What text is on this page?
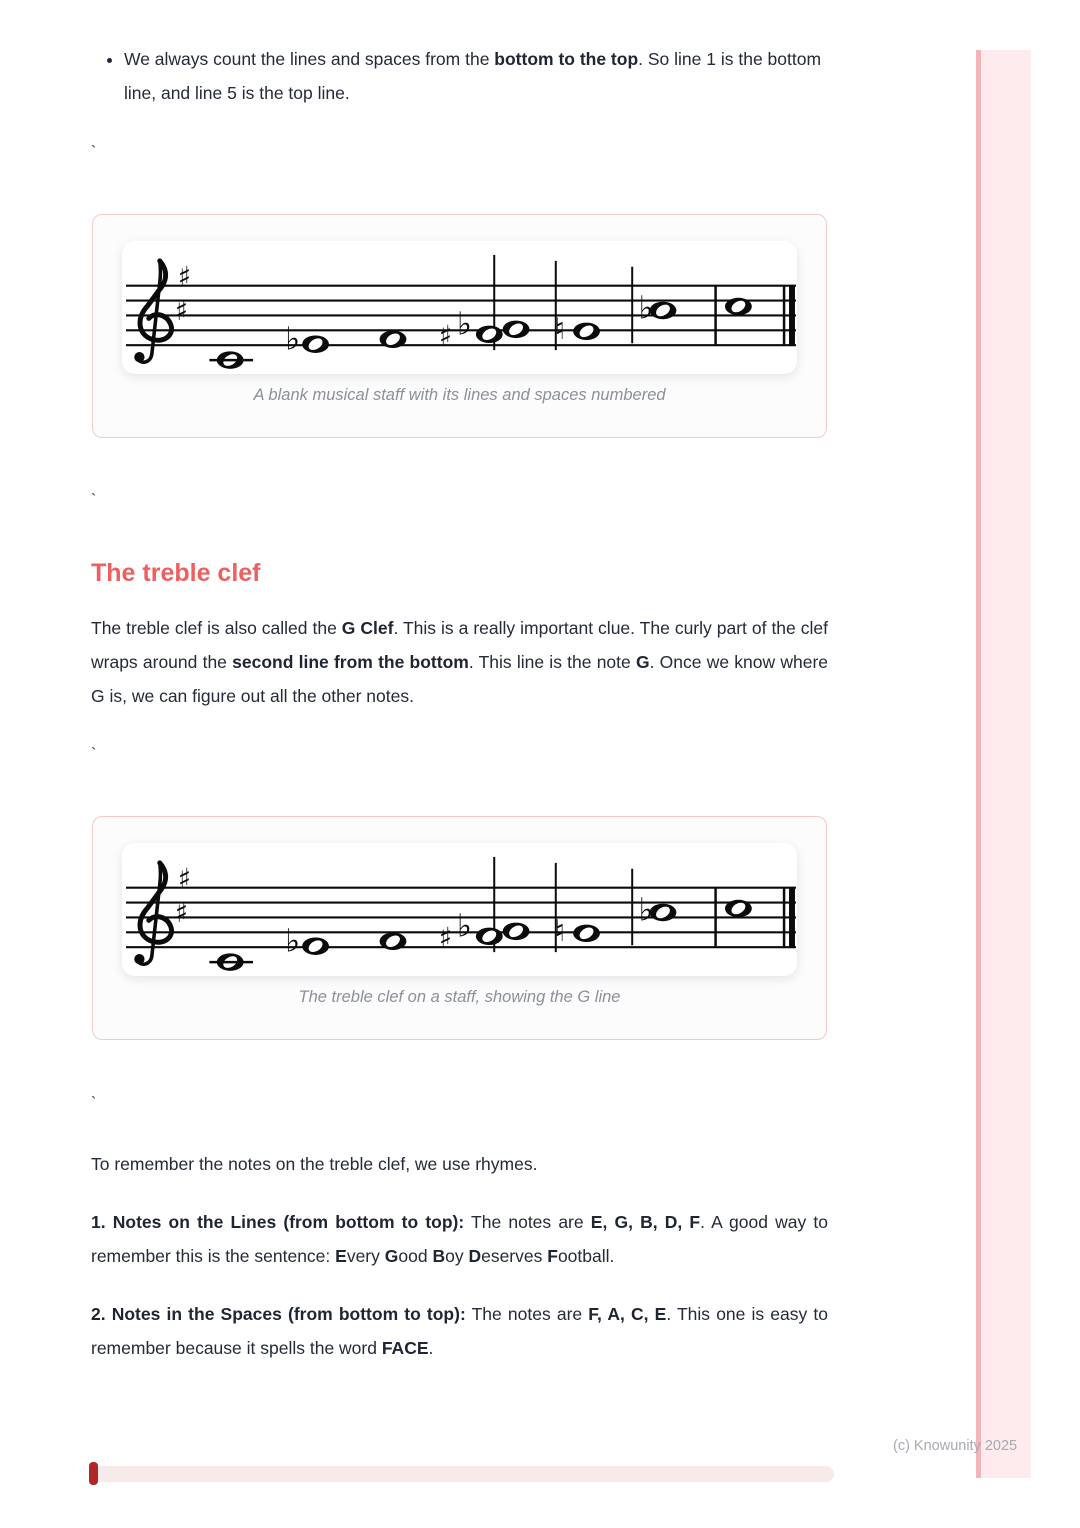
• We always count the lines and spaces from the bottom to the top. So line 1 is the bottom line, and line 5 is the top line.

`

A blank musical staff with its lines and spaces numbered

`

The treble clef

The treble clef is also called the G Clef. This is a really important clue. The curly part of the clef wraps around the second line from the bottom. This line is the note G. Once we know where G is, we can figure out all the other notes.

`

The treble clef on a staff, showing the G line

`

To remember the notes on the treble clef, we use rhymes.

1. Notes on the Lines (from bottom to top): The notes are E, G, B, D, F. A good way to remember this is the sentence: Every Good Boy Deserves Football.

2. Notes in the Spaces (from bottom to top): The notes are F, A, C, E. This one is easy to remember because it spells the word FACE.

(c) Knowunity 2025
